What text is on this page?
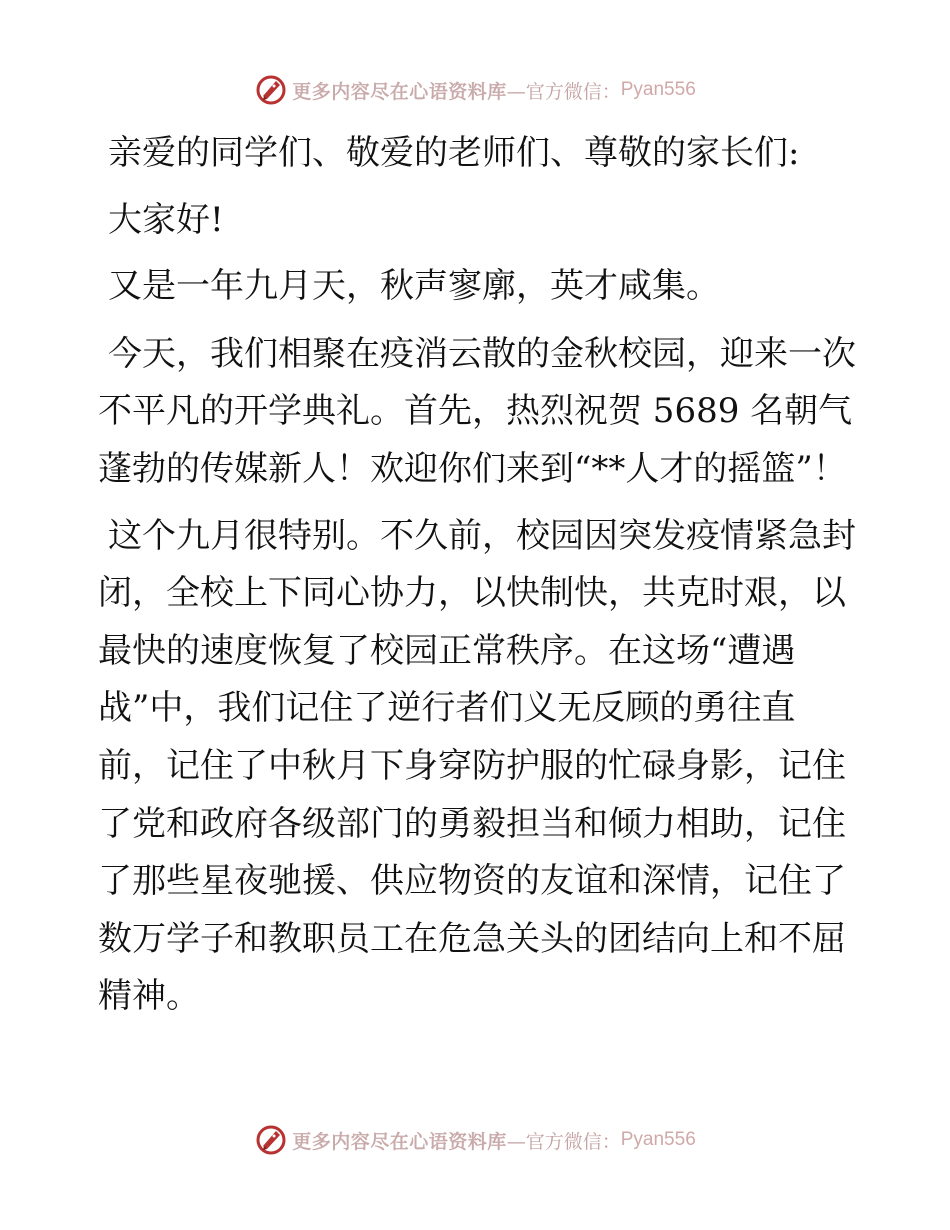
更多内容尽在心语资料库 —官方微信： Pyan556

亲爱的同学们、敬爱的老师们、尊敬的家长们:

大家好!

又是一年九月天，秋声寥廓，英才咸集。

今天，我们相聚在疫消云散的金秋校园，迎来一次不平凡的开学典礼。首先，热烈祝贺 5689 名朝气蓬勃的传媒新人！欢迎你们来到“**人才的摇篮”！

这个九月很特别。不久前，校园因突发疫情紧急封闭，全校上下同心协力，以快制快，共克时艰，以最快的速度恢复了校园正常秩序。在这场“遭遇战”中，我们记住了逆行者们义无反顾的勇往直前，记住了中秋月下身穿防护服的忙碌身影，记住了党和政府各级部门的勇毅担当和倾力相助，记住了那些星夜驰援、供应物资的友谊和深情，记住了数万学子和教职员工在危急关头的团结向上和不屈精神。

更多内容尽在心语资料库 —官方微信： Pyan556
